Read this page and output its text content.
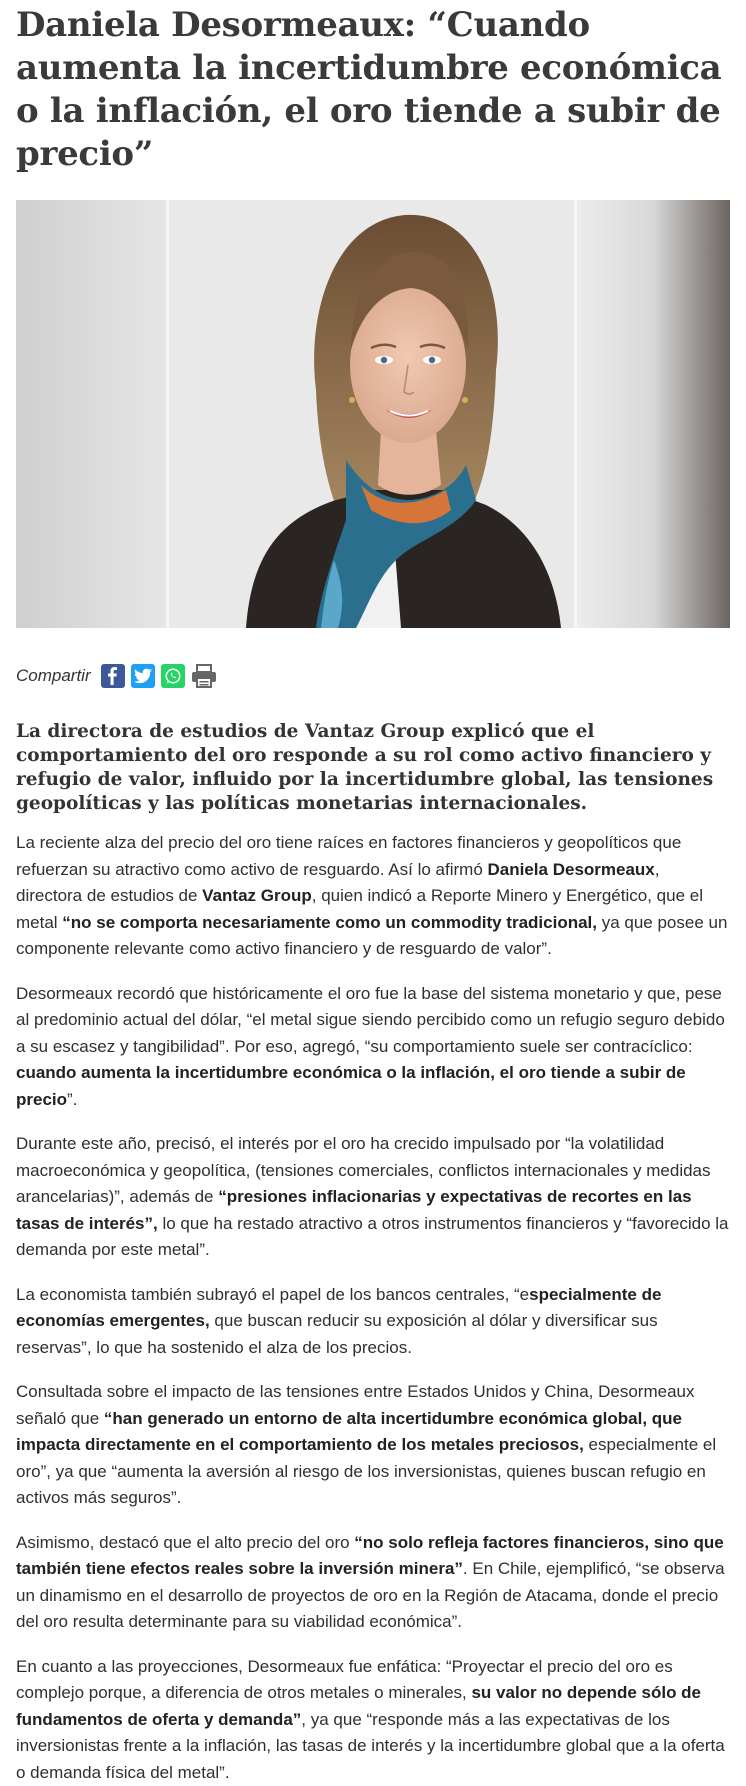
Daniela Desormeaux: “Cuando aumenta la incertidumbre económica o la inflación, el oro tiende a subir de precio”
Compartir

La directora de estudios de Vantaz Group explicó que el comportamiento del oro responde a su rol como activo financiero y refugio de valor, influido por la incertidumbre global, las tensiones geopolíticas y las políticas monetarias internacionales.

La reciente alza del precio del oro tiene raíces en factores financieros y geopolíticos que refuerzan su atractivo como activo de resguardo. Así lo afirmó Daniela Desormeaux, directora de estudios de Vantaz Group, quien indicó a Reporte Minero y Energético, que el metal “no se comporta necesariamente como un commodity tradicional, ya que posee un componente relevante como activo financiero y de resguardo de valor”.

Desormeaux recordó que históricamente el oro fue la base del sistema monetario y que, pese al predominio actual del dólar, “el metal sigue siendo percibido como un refugio seguro debido a su escasez y tangibilidad”. Por eso, agregó, “su comportamiento suele ser contracíclico: cuando aumenta la incertidumbre económica o la inflación, el oro tiende a subir de precio”.

Durante este año, precisó, el interés por el oro ha crecido impulsado por “la volatilidad macroeconómica y geopolítica, (tensiones comerciales, conflictos internacionales y medidas arancelarias)”, además de “presiones inflacionarias y expectativas de recortes en las tasas de interés”, lo que ha restado atractivo a otros instrumentos financieros y “favorecido la demanda por este metal”.

La economista también subrayó el papel de los bancos centrales, “especialmente de economías emergentes, que buscan reducir su exposición al dólar y diversificar sus reservas”, lo que ha sostenido el alza de los precios.

Consultada sobre el impacto de las tensiones entre Estados Unidos y China, Desormeaux señaló que “han generado un entorno de alta incertidumbre económica global, que impacta directamente en el comportamiento de los metales preciosos, especialmente el oro”, ya que “aumenta la aversión al riesgo de los inversionistas, quienes buscan refugio en activos más seguros”.

Asimismo, destacó que el alto precio del oro “no solo refleja factores financieros, sino que también tiene efectos reales sobre la inversión minera”. En Chile, ejemplificó, “se observa un dinamismo en el desarrollo de proyectos de oro en la Región de Atacama, donde el precio del oro resulta determinante para su viabilidad económica”.

En cuanto a las proyecciones, Desormeaux fue enfática: “Proyectar el precio del oro es complejo porque, a diferencia de otros metales o minerales, su valor no depende sólo de fundamentos de oferta y demanda”, ya que “responde más a las expectativas de los inversionistas frente a la inflación, las tasas de interés y la incertidumbre global que a la oferta o demanda física del metal”.
